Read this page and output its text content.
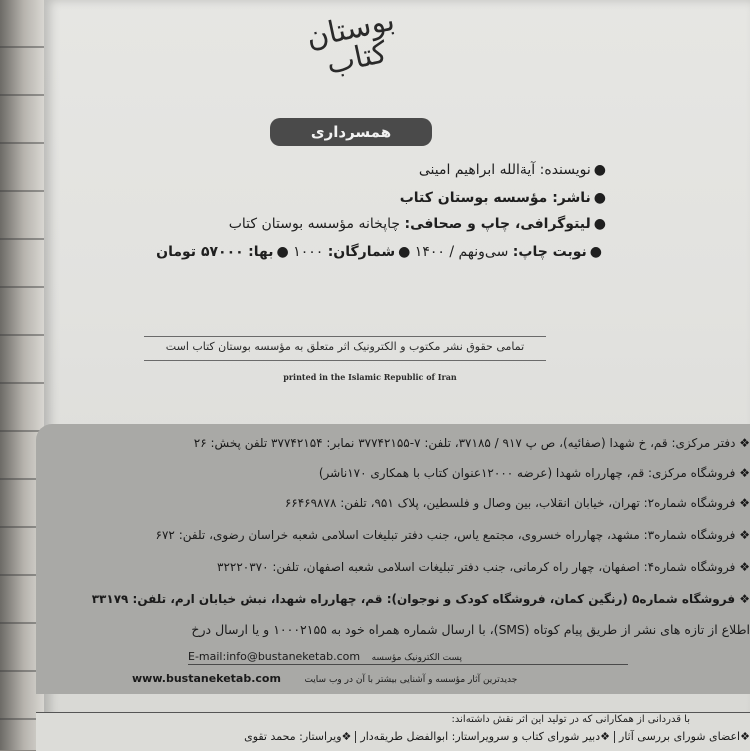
بوستان کتاب
همسرداری
●نویسنده: آیةالله ابراهیم امینی
●ناشر: مؤسسه بوستان کتاب
●لیتوگرافی، چاپ و صحافی: چاپخانه مؤسسه بوستان کتاب
●نوبت چاپ: سی‌ونهم / ۱۴۰۰ ●شمارگان: ۱۰۰۰ ●بها: ۵۷۰۰۰ تومان
تمامی حقوق نشر مکتوب و الکترونیک اثر متعلق به مؤسسه بوستان کتاب است
printed in the Islamic Republic of Iran
❖ دفتر مرکزی: قم، خ شهدا (صفائیه)، ص پ ۹۱۷ / ۳۷۱۸۵، تلفن: ۷-۳۷۷۴۲۱۵۵ نمابر: ۳۷۷۴۲۱۵۴ تلفن پخش: ۲۶
❖ فروشگاه مرکزی: قم، چهارراه شهدا (عرضه ۱۲۰۰۰عنوان کتاب با همکاری ۱۷۰ناشر)
❖ فروشگاه شماره۲: تهران، خیابان انقلاب، بین وصال و فلسطین، پلاک ۹۵۱، تلفن: ۶۶۴۶۹۸۷۸
❖ فروشگاه شماره۳: مشهد، چهارراه خسروی، مجتمع یاس، جنب دفتر تبلیغات اسلامی شعبه خراسان رضوی، تلفن: ۶۷۲
❖ فروشگاه شماره۴: اصفهان، چهار راه کرمانی، جنب دفتر تبلیغات اسلامی شعبه اصفهان، تلفن: ۳۲۲۲۰۳۷۰
❖ فروشگاه شماره۵ (رنگین کمان، فروشگاه کودک و نوجوان): قم، چهارراه شهدا، نبش خیابان ارم، تلفن: ۳۳۱۷۹
اطلاع از تازه های نشر از طریق پیام کوتاه (SMS)، با ارسال شماره همراه خود به ۱۰۰۰۲۱۵۵ و یا ارسال درخ
E-mail:info@bustaneketab.com پست الکترونیک مؤسسه
www.bustaneketab.com	جدیدترین آثار مؤسسه و آشنایی بیشتر با آن در وب سایت
با قدردانی از همکارانی که در تولید این اثر نقش داشته‌اند:
❖اعضای شورای بررسی آثار❖دبیر شورای کتاب و سرویراستار: ابوالفضل طریقه‌دار❖ویراستار: محمد تقوی
